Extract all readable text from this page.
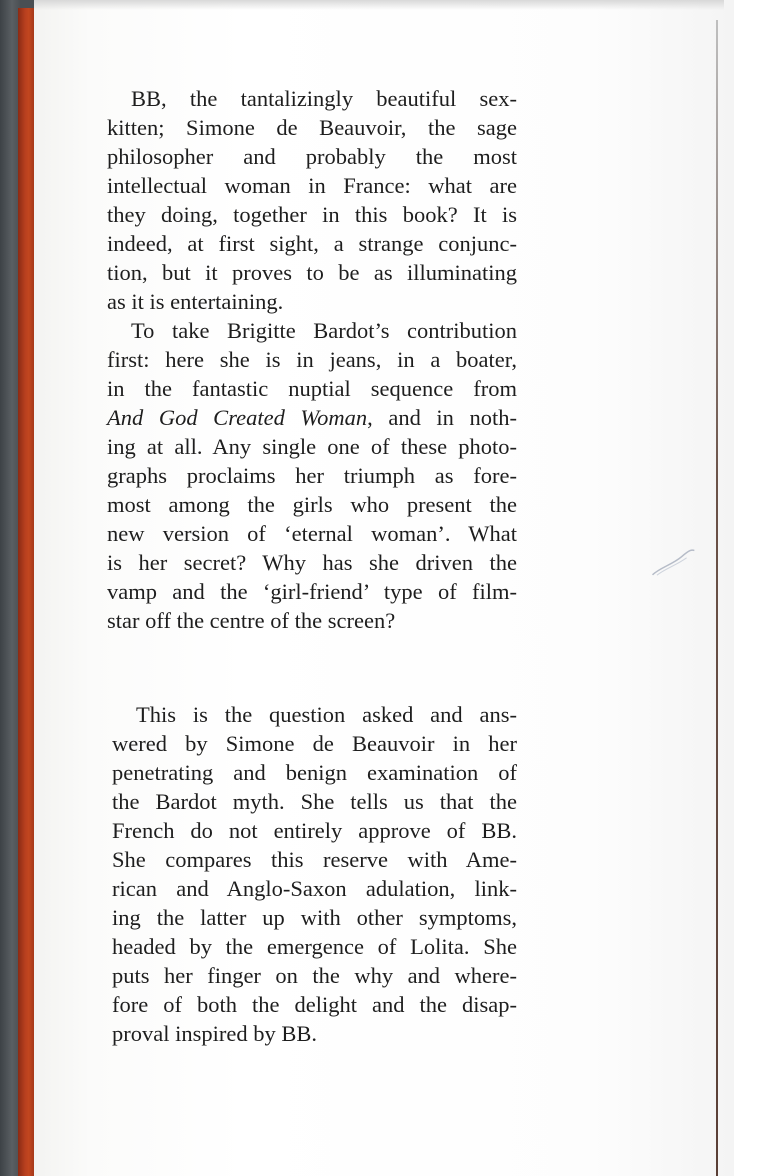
BB, the tantalizingly beautiful sex-
kitten; Simone de Beauvoir, the sage
philosopher and probably the most
intellectual woman in France: what are
they doing, together in this book? It is
indeed, at first sight, a strange conjunc-
tion, but it proves to be as illuminating
as it is entertaining.

To take Brigitte Bardot’s contribution
first: here she is in jeans, in a boater,
in the fantastic nuptial sequence from
And God Created Woman, and in noth-
ing at all. Any single one of these photo-
graphs proclaims her triumph as fore-
most among the girls who present the
new version of ‘eternal woman’. What
is her secret? Why has she driven the
vamp and the ‘girl-friend’ type of film-
star off the centre of the screen?

This is the question asked and ans-
wered by Simone de Beauvoir in her
penetrating and benign examination of
the Bardot myth. She tells us that the
French do not entirely approve of BB.
She compares this reserve with Ame-
rican and Anglo-Saxon adulation, link-
ing the latter up with other symptoms,
headed by the emergence of Lolita. She
puts her finger on the why and where-
fore of both the delight and the disap-
proval inspired by BB.
